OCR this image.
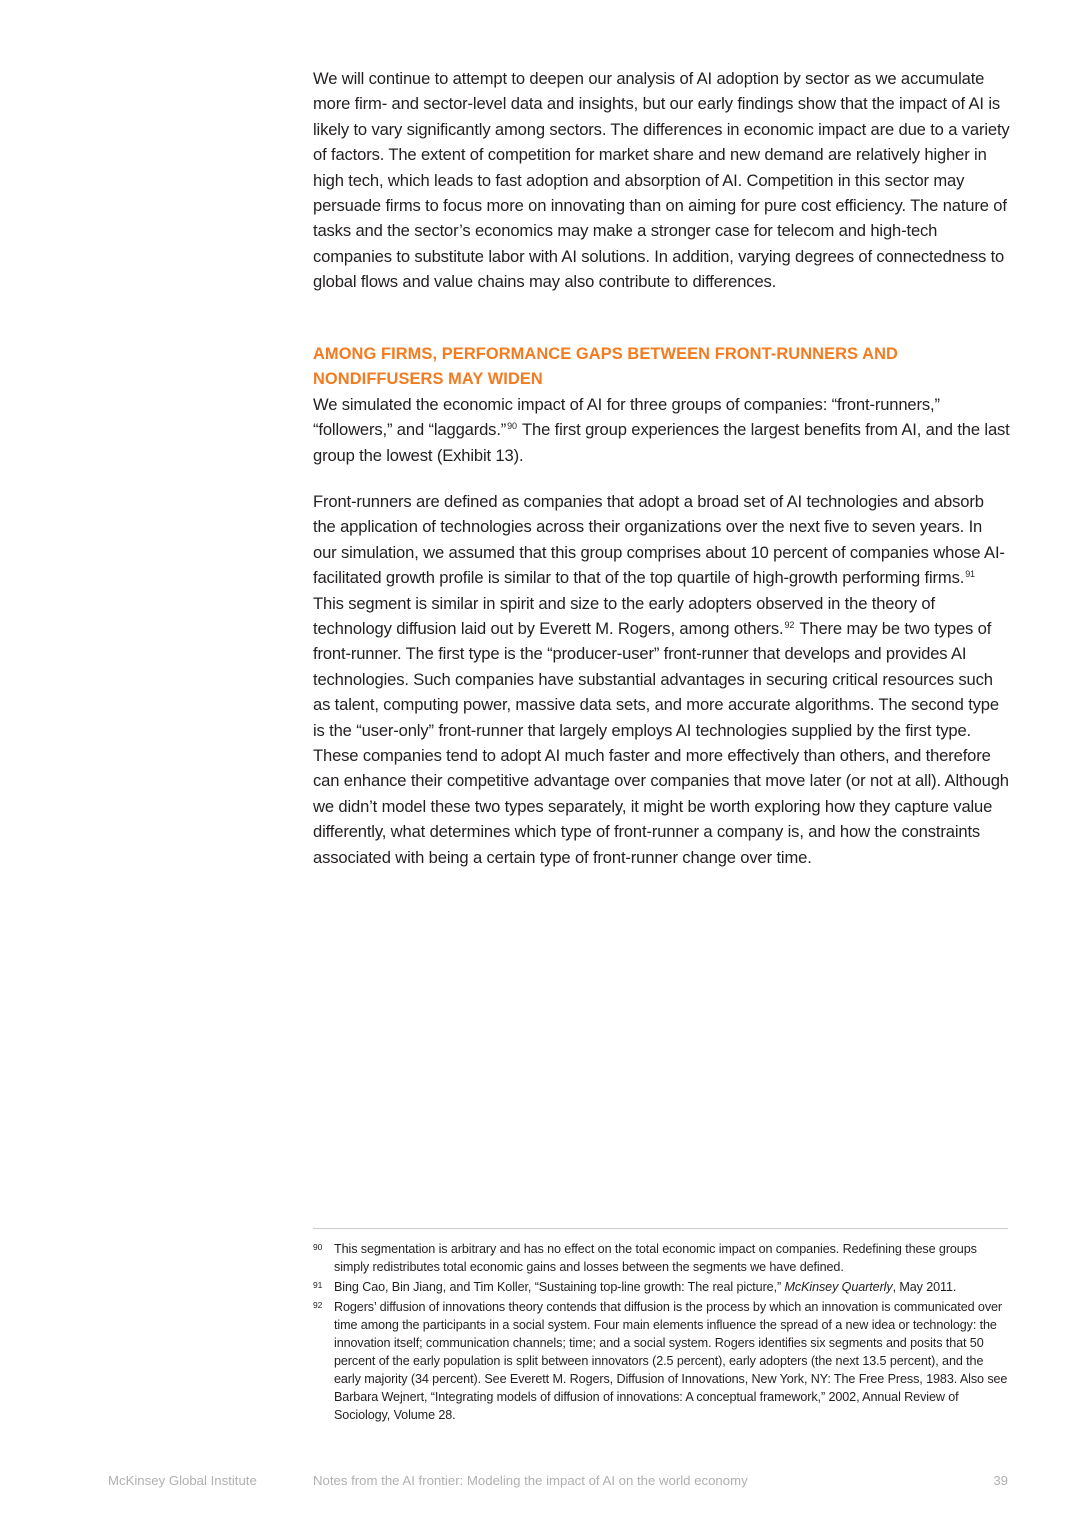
We will continue to attempt to deepen our analysis of AI adoption by sector as we accumulate more firm- and sector-level data and insights, but our early findings show that the impact of AI is likely to vary significantly among sectors. The differences in economic impact are due to a variety of factors. The extent of competition for market share and new demand are relatively higher in high tech, which leads to fast adoption and absorption of AI. Competition in this sector may persuade firms to focus more on innovating than on aiming for pure cost efficiency. The nature of tasks and the sector’s economics may make a stronger case for telecom and high-tech companies to substitute labor with AI solutions. In addition, varying degrees of connectedness to global flows and value chains may also contribute to differences.

AMONG FIRMS, PERFORMANCE GAPS BETWEEN FRONT-RUNNERS AND NONDIFFUSERS MAY WIDEN

We simulated the economic impact of AI for three groups of companies: “front-runners,” “followers,” and “laggards.”$^{90}$ The first group experiences the largest benefits from AI, and the last group the lowest (Exhibit 13).

Front-runners are defined as companies that adopt a broad set of AI technologies and absorb the application of technologies across their organizations over the next five to seven years. In our simulation, we assumed that this group comprises about 10 percent of companies whose AI-facilitated growth profile is similar to that of the top quartile of high-growth performing firms.$^{91}$ This segment is similar in spirit and size to the early adopters observed in the theory of technology diffusion laid out by Everett M. Rogers, among others.$^{92}$ There may be two types of front-runner. The first type is the “producer-user” front-runner that develops and provides AI technologies. Such companies have substantial advantages in securing critical resources such as talent, computing power, massive data sets, and more accurate algorithms. The second type is the “user-only” front-runner that largely employs AI technologies supplied by the first type. These companies tend to adopt AI much faster and more effectively than others, and therefore can enhance their competitive advantage over companies that move later (or not at all). Although we didn’t model these two types separately, it might be worth exploring how they capture value differently, what determines which type of front-runner a company is, and how the constraints associated with being a certain type of front-runner change over time.

90 This segmentation is arbitrary and has no effect on the total economic impact on companies. Redefining these groups simply redistributes total economic gains and losses between the segments we have defined.
91 Bing Cao, Bin Jiang, and Tim Koller, “Sustaining top-line growth: The real picture,” McKinsey Quarterly, May 2011.
92 Rogers’ diffusion of innovations theory contends that diffusion is the process by which an innovation is communicated over time among the participants in a social system. Four main elements influence the spread of a new idea or technology: the innovation itself; communication channels; time; and a social system. Rogers identifies six segments and posits that 50 percent of the early population is split between innovators (2.5 percent), early adopters (the next 13.5 percent), and the early majority (34 percent). See Everett M. Rogers, Diffusion of Innovations, New York, NY: The Free Press, 1983. Also see Barbara Wejnert, “Integrating models of diffusion of innovations: A conceptual framework,” 2002, Annual Review of Sociology, Volume 28.
McKinsey Global Institute	Notes from the AI frontier: Modeling the impact of AI on the world economy	39
